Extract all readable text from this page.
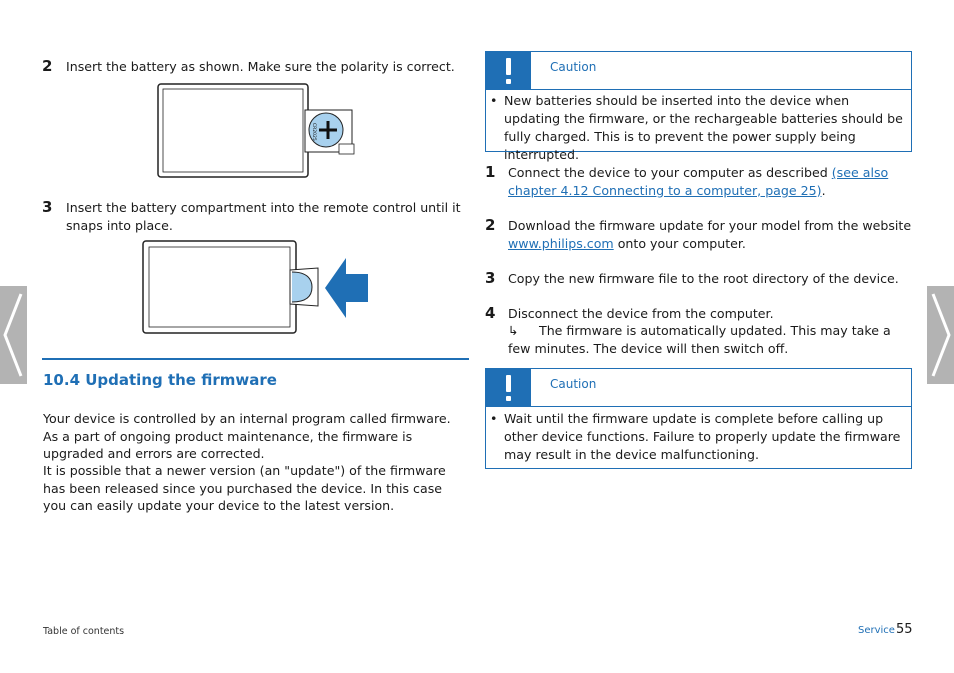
2 Insert the battery as shown. Make sure the polarity is correct.
CR2025
3 Insert the battery compartment into the remote control until it snaps into place.
10.4 Updating the firmware
Your device is controlled by an internal program called firmware. As a part of ongoing product maintenance, the firmware is upgraded and errors are corrected.
It is possible that a newer version (an "update") of the firmware has been released since you purchased the device. In this case you can easily update your device to the latest version.
Caution
• New batteries should be inserted into the device when updating the firmware, or the rechargeable batteries should be fully charged. This is to prevent the power supply being interrupted.
1 Connect the device to your computer as described (see also chapter 4.12 Connecting to a computer, page 25).
2 Download the firmware update for your model from the website www.philips.com onto your computer.
3 Copy the new firmware file to the root directory of the device.
4 Disconnect the device from the computer.
↳ The firmware is automatically updated. This may take a few minutes. The device will then switch off.
Caution
• Wait until the firmware update is complete before calling up other device functions. Failure to properly update the firmware may result in the device malfunctioning.
Table of contents	Service 55
